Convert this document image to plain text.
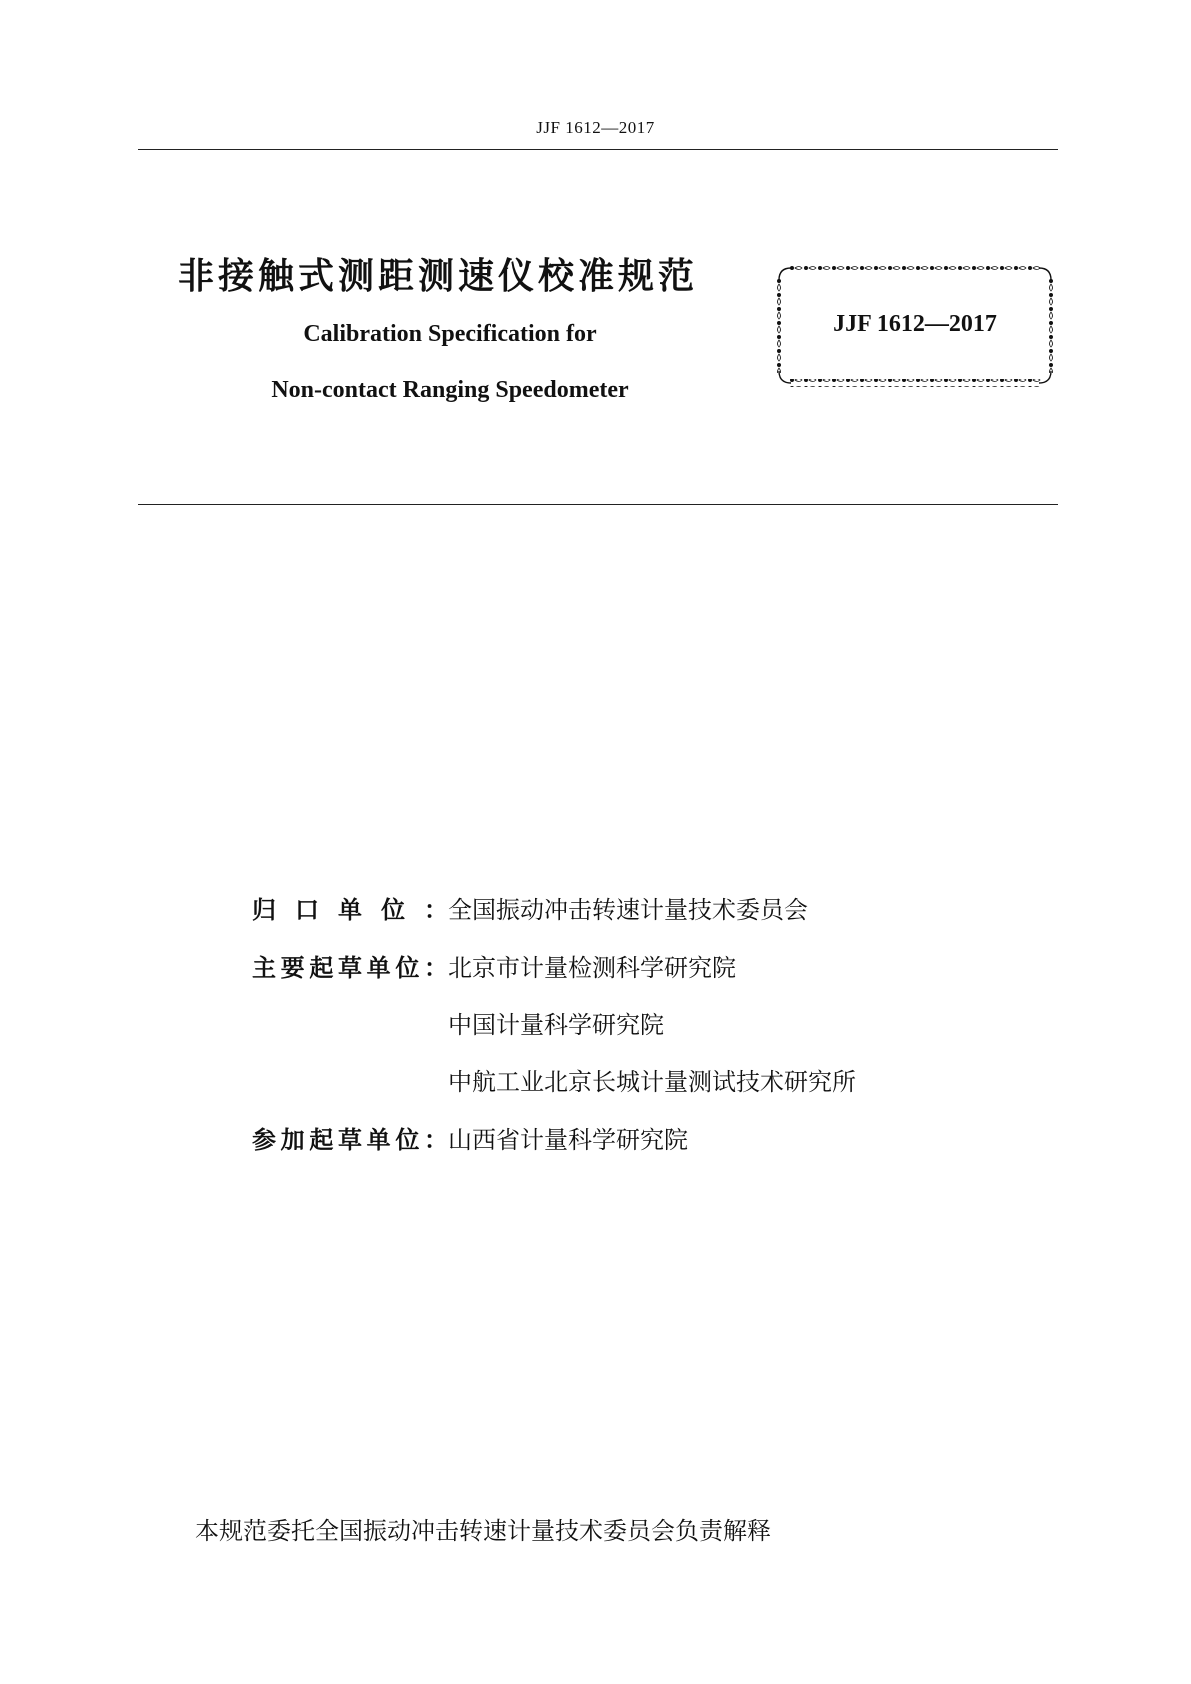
JJF 1612—2017
非接触式测距测速仪校准规范
Calibration Specification for
Non-contact Ranging Speedometer
JJF 1612—2017
归口单位： 全国振动冲击转速计量技术委员会
主要起草单位： 北京市计量检测科学研究院
中国计量科学研究院
中航工业北京长城计量测试技术研究所
参加起草单位： 山西省计量科学研究院
本规范委托全国振动冲击转速计量技术委员会负责解释
